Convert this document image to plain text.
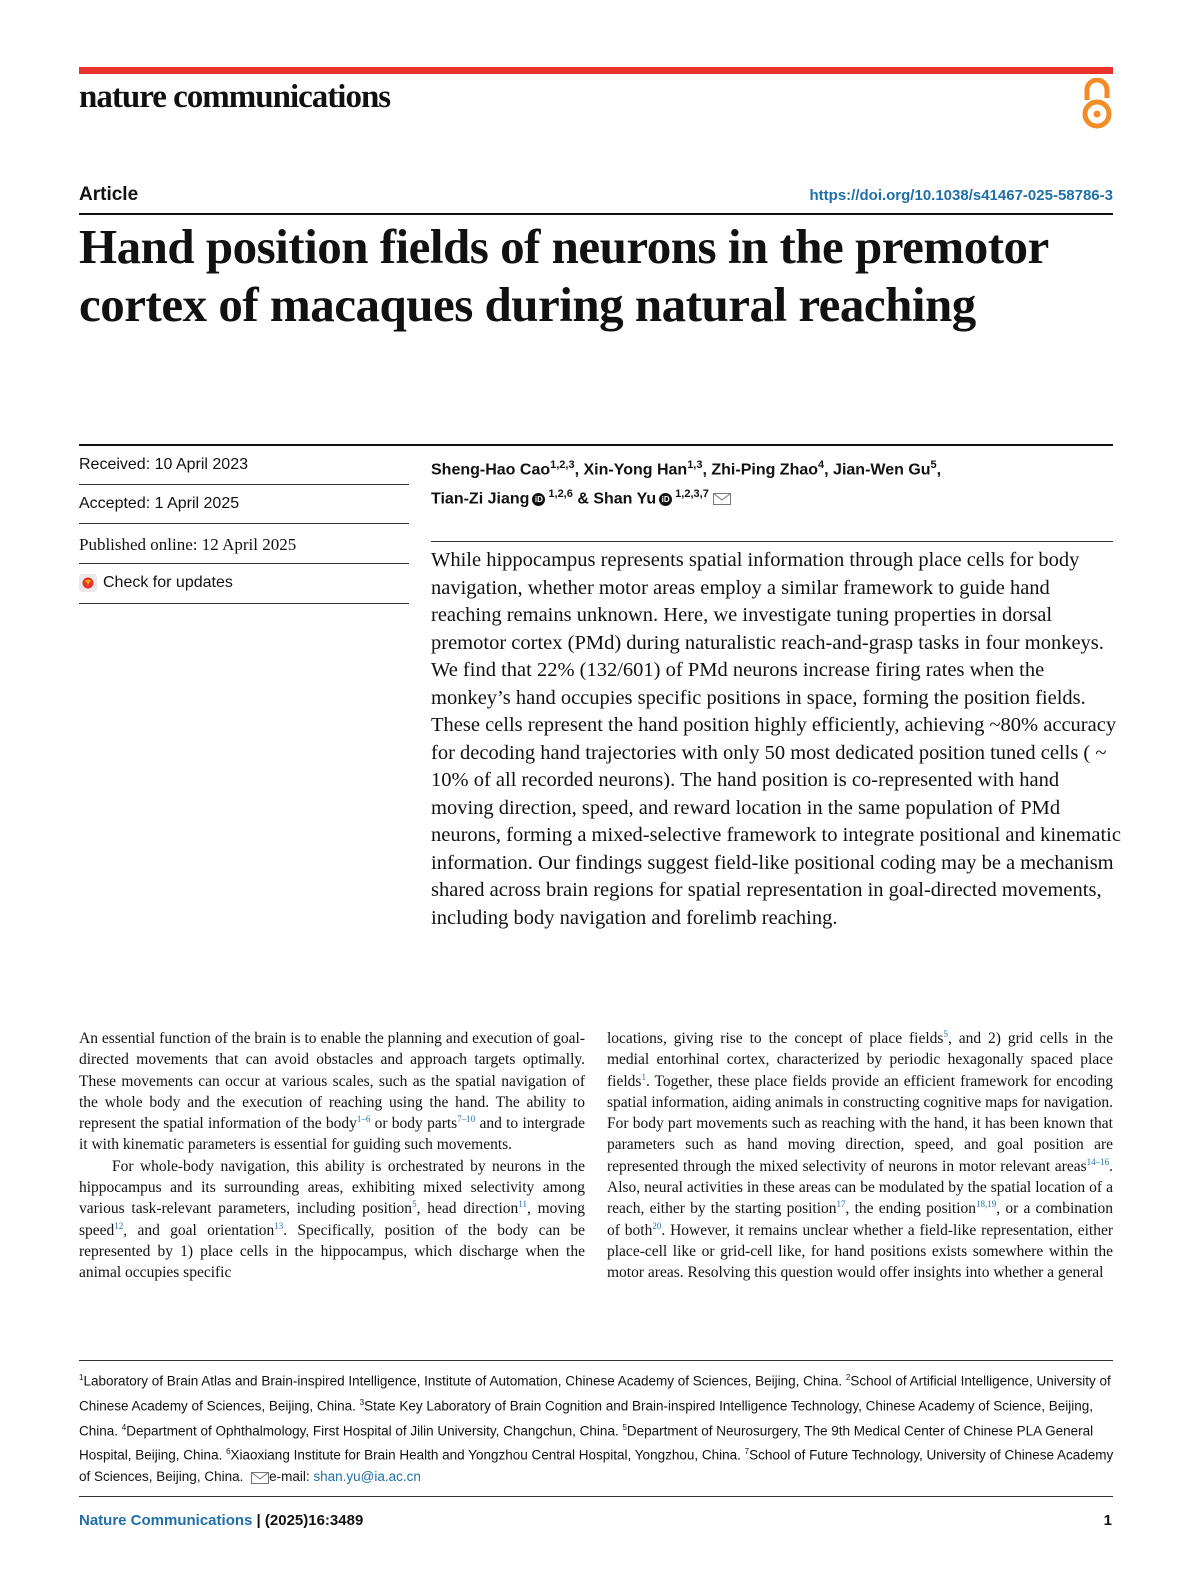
nature communications
Article	https://doi.org/10.1038/s41467-025-58786-3
Hand position fields of neurons in the premotor cortex of macaques during natural reaching
Received: 10 April 2023
Accepted: 1 April 2025
Published online: 12 April 2025
Check for updates
Sheng-Hao Cao$^{1,2,3}$, Xin-Yong Han$^{1,3}$, Zhi-Ping Zhao$^4$, Jian-Wen Gu$^5$,
Tian-Zi Jiang iD $^{1,2,6}$ & Shan Yu iD $^{1,2,3,7}$

While hippocampus represents spatial information through place cells for body navigation, whether motor areas employ a similar framework to guide hand reaching remains unknown. Here, we investigate tuning properties in dorsal premotor cortex (PMd) during naturalistic reach-and-grasp tasks in four monkeys. We find that 22% (132/601) of PMd neurons increase firing rates when the monkey’s hand occupies specific positions in space, forming the position fields. These cells represent the hand position highly efficiently, achieving ~80% accuracy for decoding hand trajectories with only 50 most dedicated position tuned cells ( ~ 10% of all recorded neurons). The hand position is co-represented with hand moving direction, speed, and reward location in the same population of PMd neurons, forming a mixed-selective framework to integrate positional and kinematic information. Our findings suggest field-like positional coding may be a mechanism shared across brain regions for spatial representation in goal-directed movements, including body navigation and forelimb reaching.

An essential function of the brain is to enable the planning and execution of goal-directed movements that can avoid obstacles and approach targets optimally. These movements can occur at various scales, such as the spatial navigation of the whole body and the execution of reaching using the hand. The ability to represent the spatial information of the body$^{1-6}$ or body parts$^{7-10}$ and to intergrade it with kinematic parameters is essential for guiding such movements.

For whole-body navigation, this ability is orchestrated by neurons in the hippocampus and its surrounding areas, exhibiting mixed selectivity among various task-relevant parameters, including position$^5$, head direction$^{11}$, moving speed$^{12}$, and goal orientation$^{13}$. Specifically, position of the body can be represented by 1) place cells in the hippocampus, which discharge when the animal occupies specific

locations, giving rise to the concept of place fields$^5$, and 2) grid cells in the medial entorhinal cortex, characterized by periodic hexagonally spaced place fields$^1$. Together, these place fields provide an efficient framework for encoding spatial information, aiding animals in constructing cognitive maps for navigation. For body part movements such as reaching with the hand, it has been known that parameters such as hand moving direction, speed, and goal position are represented through the mixed selectivity of neurons in motor relevant areas$^{14-16}$. Also, neural activities in these areas can be modulated by the spatial location of a reach, either by the starting position$^{17}$, the ending position$^{18,19}$, or a combination of both$^{20}$. However, it remains unclear whether a field-like representation, either place-cell like or grid-cell like, for hand positions exists somewhere within the motor areas. Resolving this question would offer insights into whether a general

$^1$Laboratory of Brain Atlas and Brain-inspired Intelligence, Institute of Automation, Chinese Academy of Sciences, Beijing, China. $^2$School of Artificial Intelligence, University of Chinese Academy of Sciences, Beijing, China. $^3$State Key Laboratory of Brain Cognition and Brain-inspired Intelligence Technology, Chinese Academy of Science, Beijing, China. $^4$Department of Ophthalmology, First Hospital of Jilin University, Changchun, China. $^5$Department of Neurosurgery, The 9th Medical Center of Chinese PLA General Hospital, Beijing, China. $^6$Xiaoxiang Institute for Brain Health and Yongzhou Central Hospital, Yongzhou, China. $^7$School of Future Technology, University of Chinese Academy of Sciences, Beijing, China. e-mail: shan.yu@ia.ac.cn

Nature Communications | (2025)16:3489	1
